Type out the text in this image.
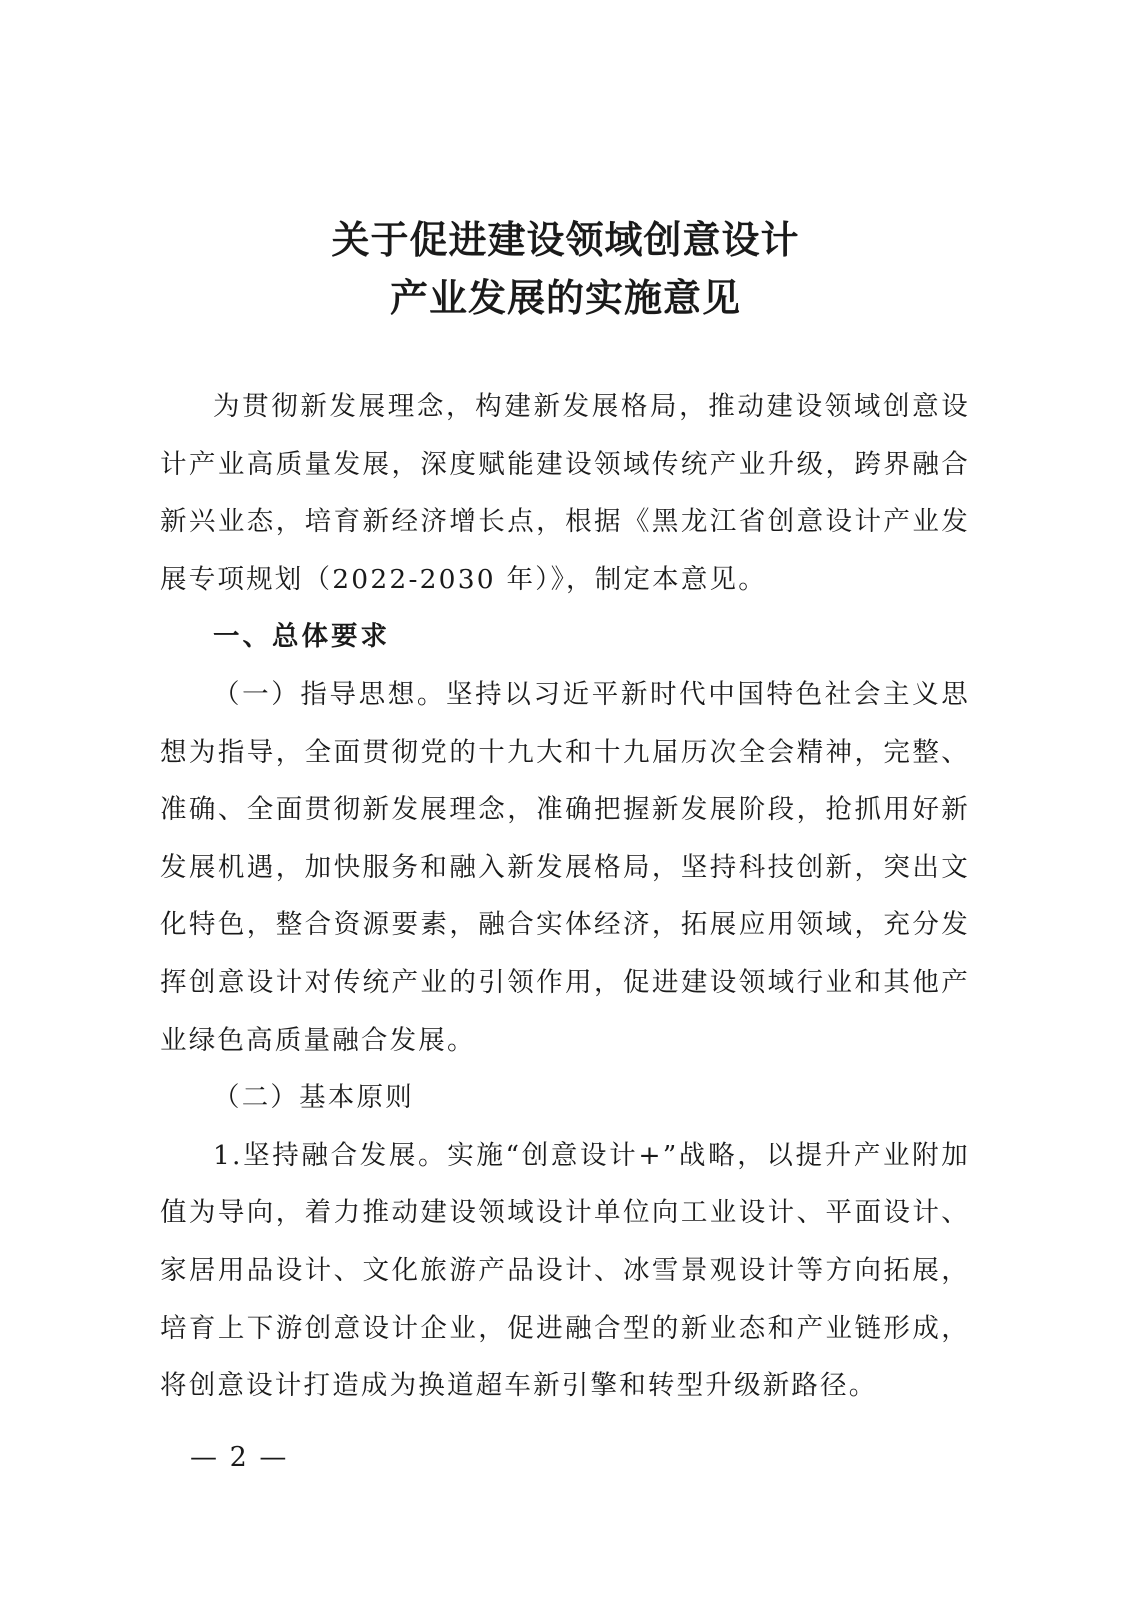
关于促进建设领域创意设计
产业发展的实施意见

为贯彻新发展理念，构建新发展格局，推动建设领域创意设计产业高质量发展，深度赋能建设领域传统产业升级，跨界融合新兴业态，培育新经济增长点，根据《黑龙江省创意设计产业发展专项规划（2022-2030 年）》，制定本意见。

一、总体要求

（一）指导思想。坚持以习近平新时代中国特色社会主义思想为指导，全面贯彻党的十九大和十九届历次全会精神，完整、准确、全面贯彻新发展理念，准确把握新发展阶段，抢抓用好新发展机遇，加快服务和融入新发展格局，坚持科技创新，突出文化特色，整合资源要素，融合实体经济，拓展应用领域，充分发挥创意设计对传统产业的引领作用，促进建设领域行业和其他产业绿色高质量融合发展。

（二）基本原则

1.坚持融合发展。实施“创意设计+”战略，以提升产业附加值为导向，着力推动建设领域设计单位向工业设计、平面设计、家居用品设计、文化旅游产品设计、冰雪景观设计等方向拓展，培育上下游创意设计企业，促进融合型的新业态和产业链形成，将创意设计打造成为换道超车新引擎和转型升级新路径。

— 2 —
